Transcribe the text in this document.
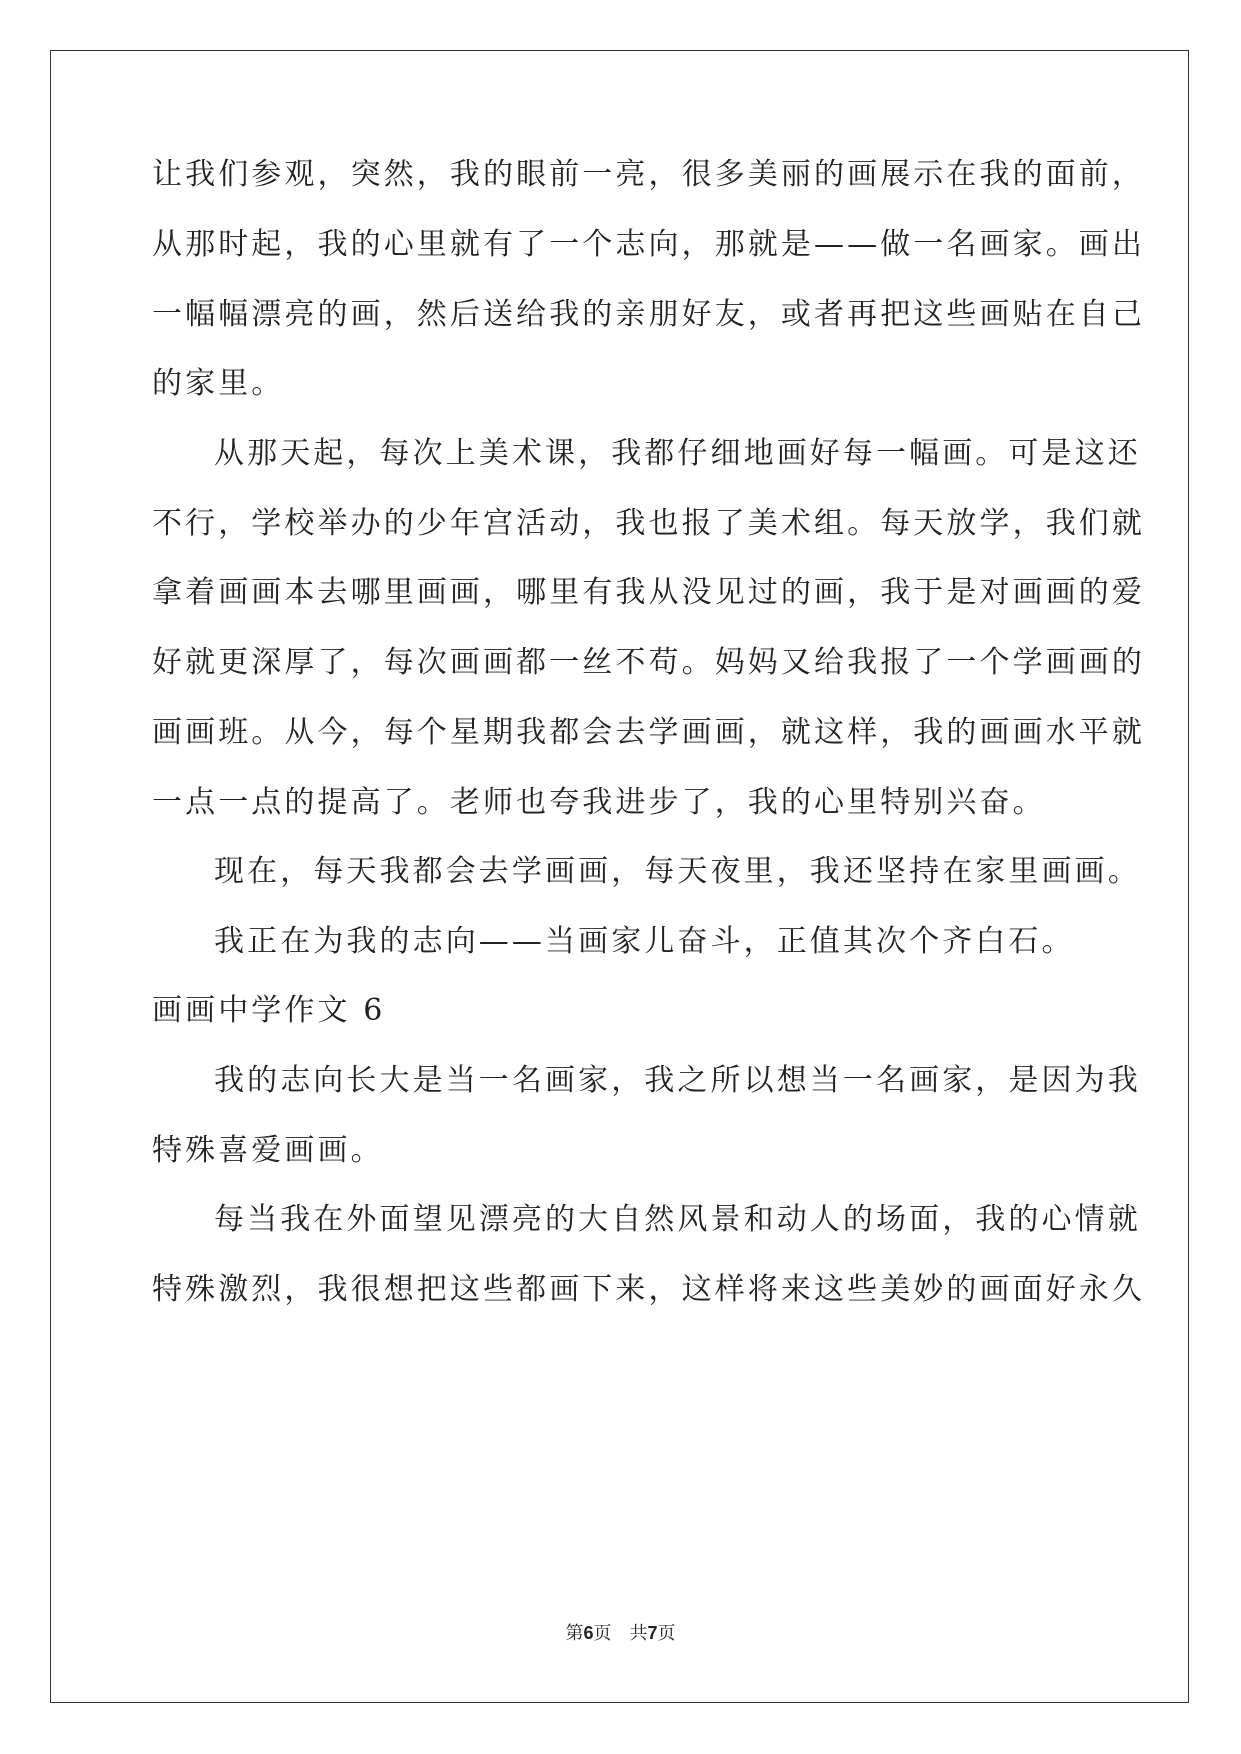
让我们参观，突然，我的眼前一亮，很多美丽的画展示在我的面前，
从那时起，我的心里就有了一个志向，那就是——做一名画家。画出
一幅幅漂亮的画，然后送给我的亲朋好友，或者再把这些画贴在自己
的家里。
从那天起，每次上美术课，我都仔细地画好每一幅画。可是这还
不行，学校举办的少年宫活动，我也报了美术组。每天放学，我们就
拿着画画本去哪里画画，哪里有我从没见过的画，我于是对画画的爱
好就更深厚了，每次画画都一丝不苟。妈妈又给我报了一个学画画的
画画班。从今，每个星期我都会去学画画，就这样，我的画画水平就
一点一点的提高了。老师也夸我进步了，我的心里特别兴奋。
现在，每天我都会去学画画，每天夜里，我还坚持在家里画画。
我正在为我的志向——当画家儿奋斗，正值其次个齐白石。
画画中学作文 6
我的志向长大是当一名画家，我之所以想当一名画家，是因为我
特殊喜爱画画。
每当我在外面望见漂亮的大自然风景和动人的场面，我的心情就
特殊激烈，我很想把这些都画下来，这样将来这些美妙的画面好永久
第6页 共7页
